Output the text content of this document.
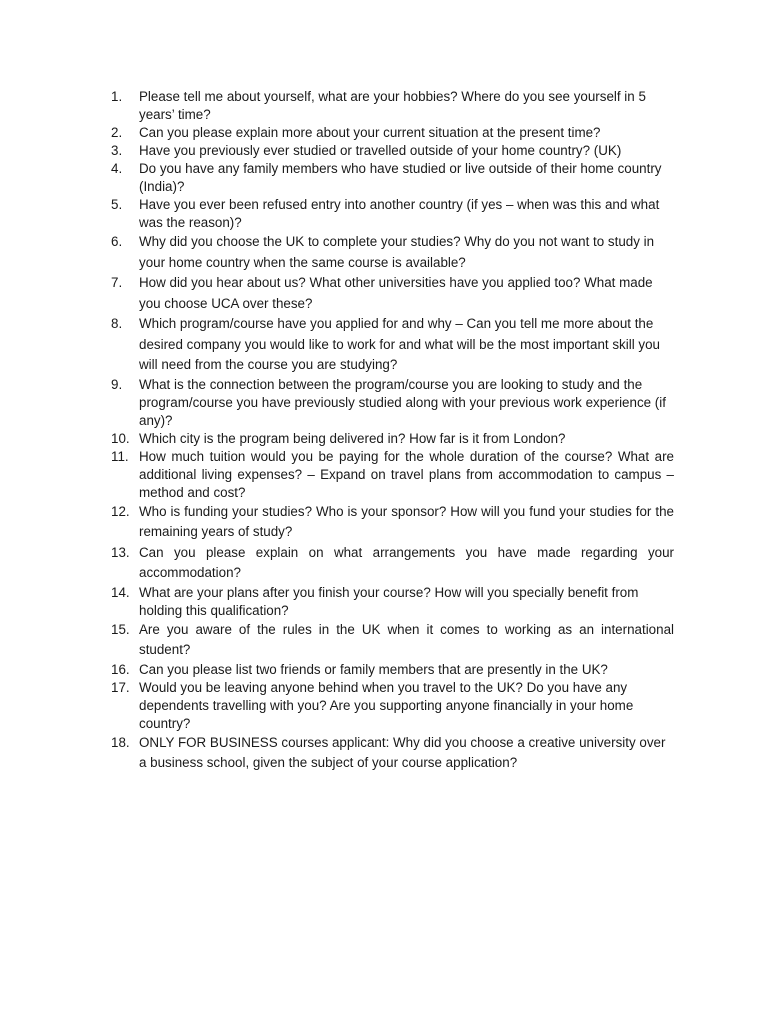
1.	Please tell me about yourself, what are your hobbies? Where do you see yourself in 5 years’ time?
2.	Can you please explain more about your current situation at the present time?
3.	Have you previously ever studied or travelled outside of your home country? (UK)
4.	Do you have any family members who have studied or live outside of their home country (India)?
5.	Have you ever been refused entry into another country (if yes – when was this and what was the reason)?
6.	Why did you choose the UK to complete your studies? Why do you not want to study in your home country when the same course is available?
7.	How did you hear about us? What other universities have you applied too? What made you choose UCA over these?
8.	Which program/course have you applied for and why – Can you tell me more about the desired company you would like to work for and what will be the most important skill you will need from the course you are studying?
9.	What is the connection between the program/course you are looking to study and the program/course you have previously studied along with your previous work experience (if any)?
10. Which city is the program being delivered in? How far is it from London?
11. How much tuition would you be paying for the whole duration of the course? What are additional living expenses? – Expand on travel plans from accommodation to campus – method and cost?
12. Who is funding your studies? Who is your sponsor? How will you fund your studies for the remaining years of study?
13. Can you please explain on what arrangements you have made regarding your accommodation?
14. What are your plans after you finish your course? How will you specially benefit from holding this qualification?
15. Are you aware of the rules in the UK when it comes to working as an international student?
16. Can you please list two friends or family members that are presently in the UK?
17. Would you be leaving anyone behind when you travel to the UK? Do you have any dependents travelling with you? Are you supporting anyone financially in your home country?
18. ONLY FOR BUSINESS courses applicant: Why did you choose a creative university over a business school, given the subject of your course application?
